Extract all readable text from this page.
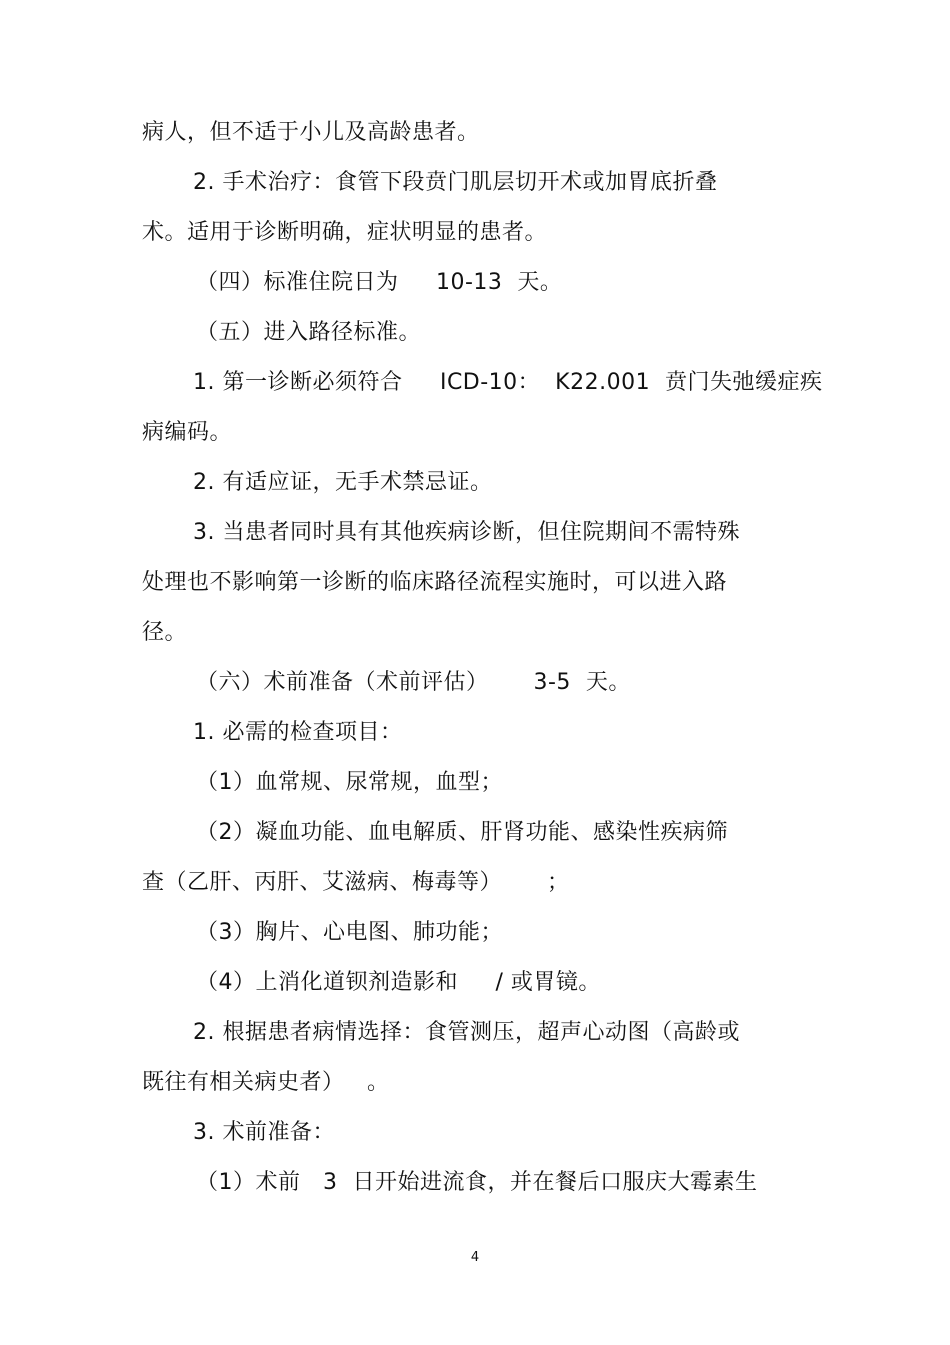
病人，但不适于小儿及高龄患者。
2. 手术治疗：食管下段贲门肌层切开术或加胃底折叠
术。适用于诊断明确，症状明显的患者。
（四）标准住院日为     10-13  天。
（五）进入路径标准。
1. 第一诊断必须符合     ICD-10：  K22.001  贲门失弛缓症疾
病编码。
2. 有适应证，无手术禁忌证。
3. 当患者同时具有其他疾病诊断，但住院期间不需特殊
处理也不影响第一诊断的临床路径流程实施时，可以进入路
径。
（六）术前准备（术前评估）      3-5  天。
1. 必需的检查项目：
（1）血常规、尿常规，血型；
（2）凝血功能、血电解质、肝肾功能、感染性疾病筛
查（乙肝、丙肝、艾滋病、梅毒等）      ；
（3）胸片、心电图、肺功能；
（4）上消化道钡剂造影和     / 或胃镜。
2. 根据患者病情选择：食管测压，超声心动图（高龄或
既往有相关病史者）   。
3. 术前准备：
（1）术前   3  日开始进流食，并在餐后口服庆大霉素生
4
